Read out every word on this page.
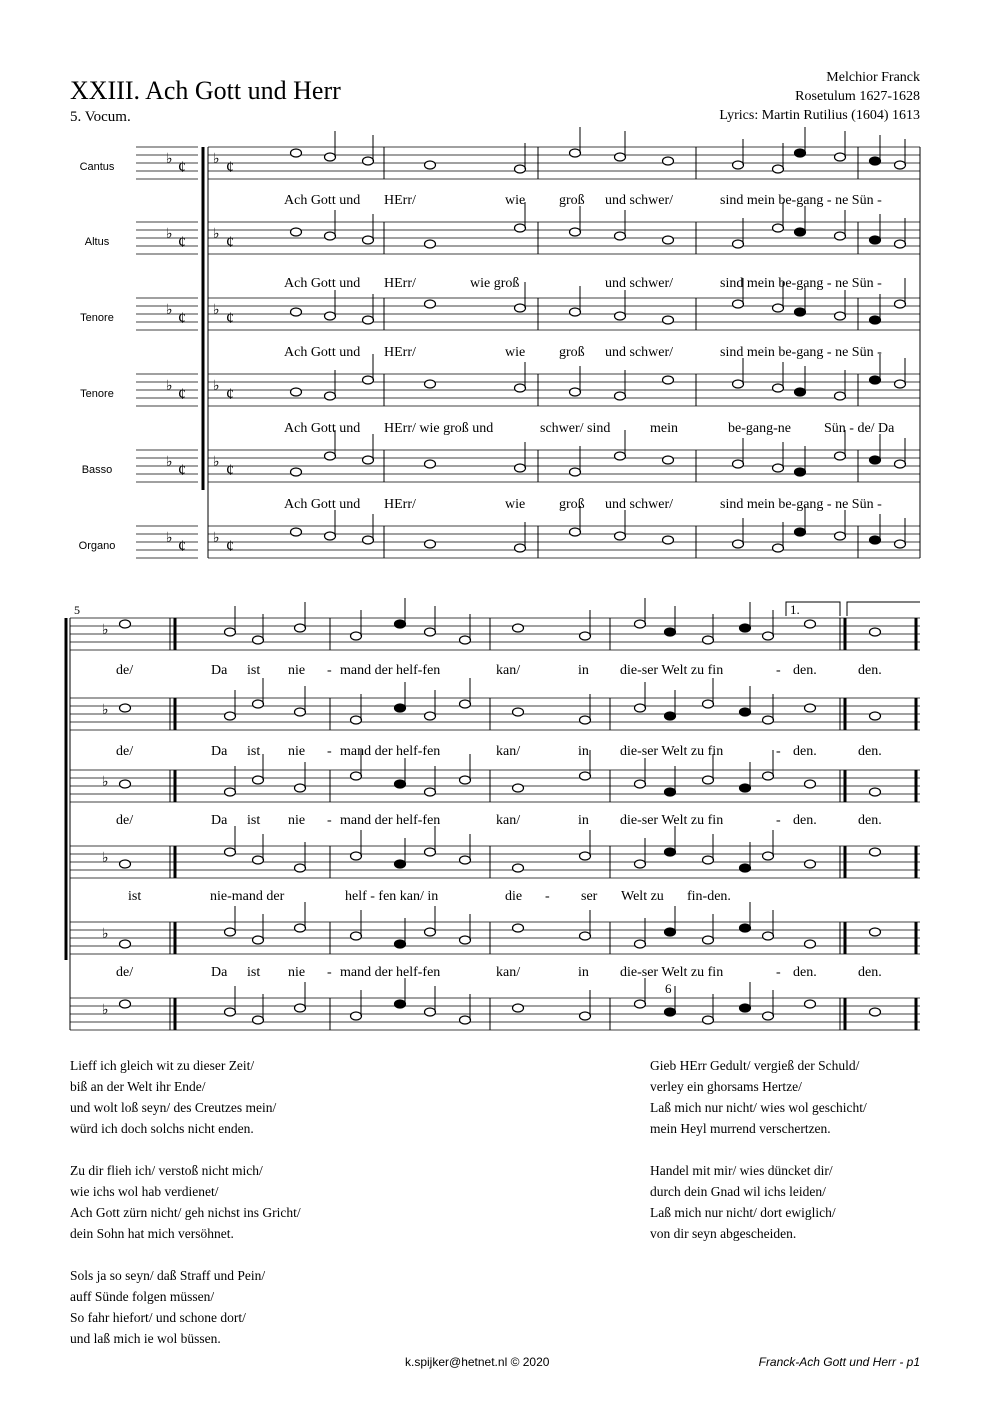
XXIII. Ach Gott und Herr
5. Vocum.
Melchior Franck
Rosetulum 1627-1628
Lyrics: Martin Rutilius (1604) 1613
Cantus
Altus
Tenore
Tenore
Basso
Organo
¢	¢
♭	♭
¢	¢
♭	♭
¢	¢
♭	♭
¢	¢
♭	♭
¢	¢
♭	♭
¢	¢
♭	♭
♭
♭
♭
♭
♭
♭
Ach Gott und HErr/	wie groß und schwer/	sind mein be-gang - ne Sün -
Ach Gott und HErr/	wie groß	und schwer/	sind mein be-gang - ne Sün -
Ach Gott und HErr/	wie groß und schwer/	sind mein be-gang - ne Sün -
Ach Gott und HErr/ wie groß und	schwer/ sind	mein	be-gang-ne Sün - de/ Da
Ach Gott und HErr/	wie groß und schwer/	sind mein be-gang - ne Sün -
5	1.
6
de/	Da ist nie - mand der helf-fen	kan/	in die-ser Welt zu fin	- den.	den.
de/	Da ist nie - mand der helf-fen	kan/	in die-ser Welt zu fin	- den.	den.
de/	Da ist nie - mand der helf-fen	kan/	in die-ser Welt zu fin	- den.	den.
ist	nie-mand der	helf - fen kan/ in	die - ser Welt zu fin-den.
de/	Da ist nie - mand der helf-fen	kan/	in die-ser Welt zu fin	- den.	den.

Lieff ich gleich wit zu dieser Zeit/
biß an der Welt ihr Ende/
und wolt loß seyn/ des Creutzes mein/
würd ich doch solchs nicht enden.

Zu dir flieh ich/ verstoß nicht mich/
wie ichs wol hab verdienet/
Ach Gott zürn nicht/ geh nichst ins Gricht/
dein Sohn hat mich versöhnet.

Sols ja so seyn/ daß Straff und Pein/
auff Sünde folgen müssen/
So fahr hiefort/ und schone dort/
und laß mich ie wol büssen.

Gieb HErr Gedult/ vergieß der Schuld/
verley ein ghorsams Hertze/
Laß mich nur nicht/ wies wol geschicht/
mein Heyl murrend verschertzen.

Handel mit mir/ wies düncket dir/
durch dein Gnad wil ichs leiden/
Laß mich nur nicht/ dort ewiglich/
von dir seyn abgescheiden.

k.spijker@hetnet.nl © 2020	Franck-Ach Gott und Herr - p1
